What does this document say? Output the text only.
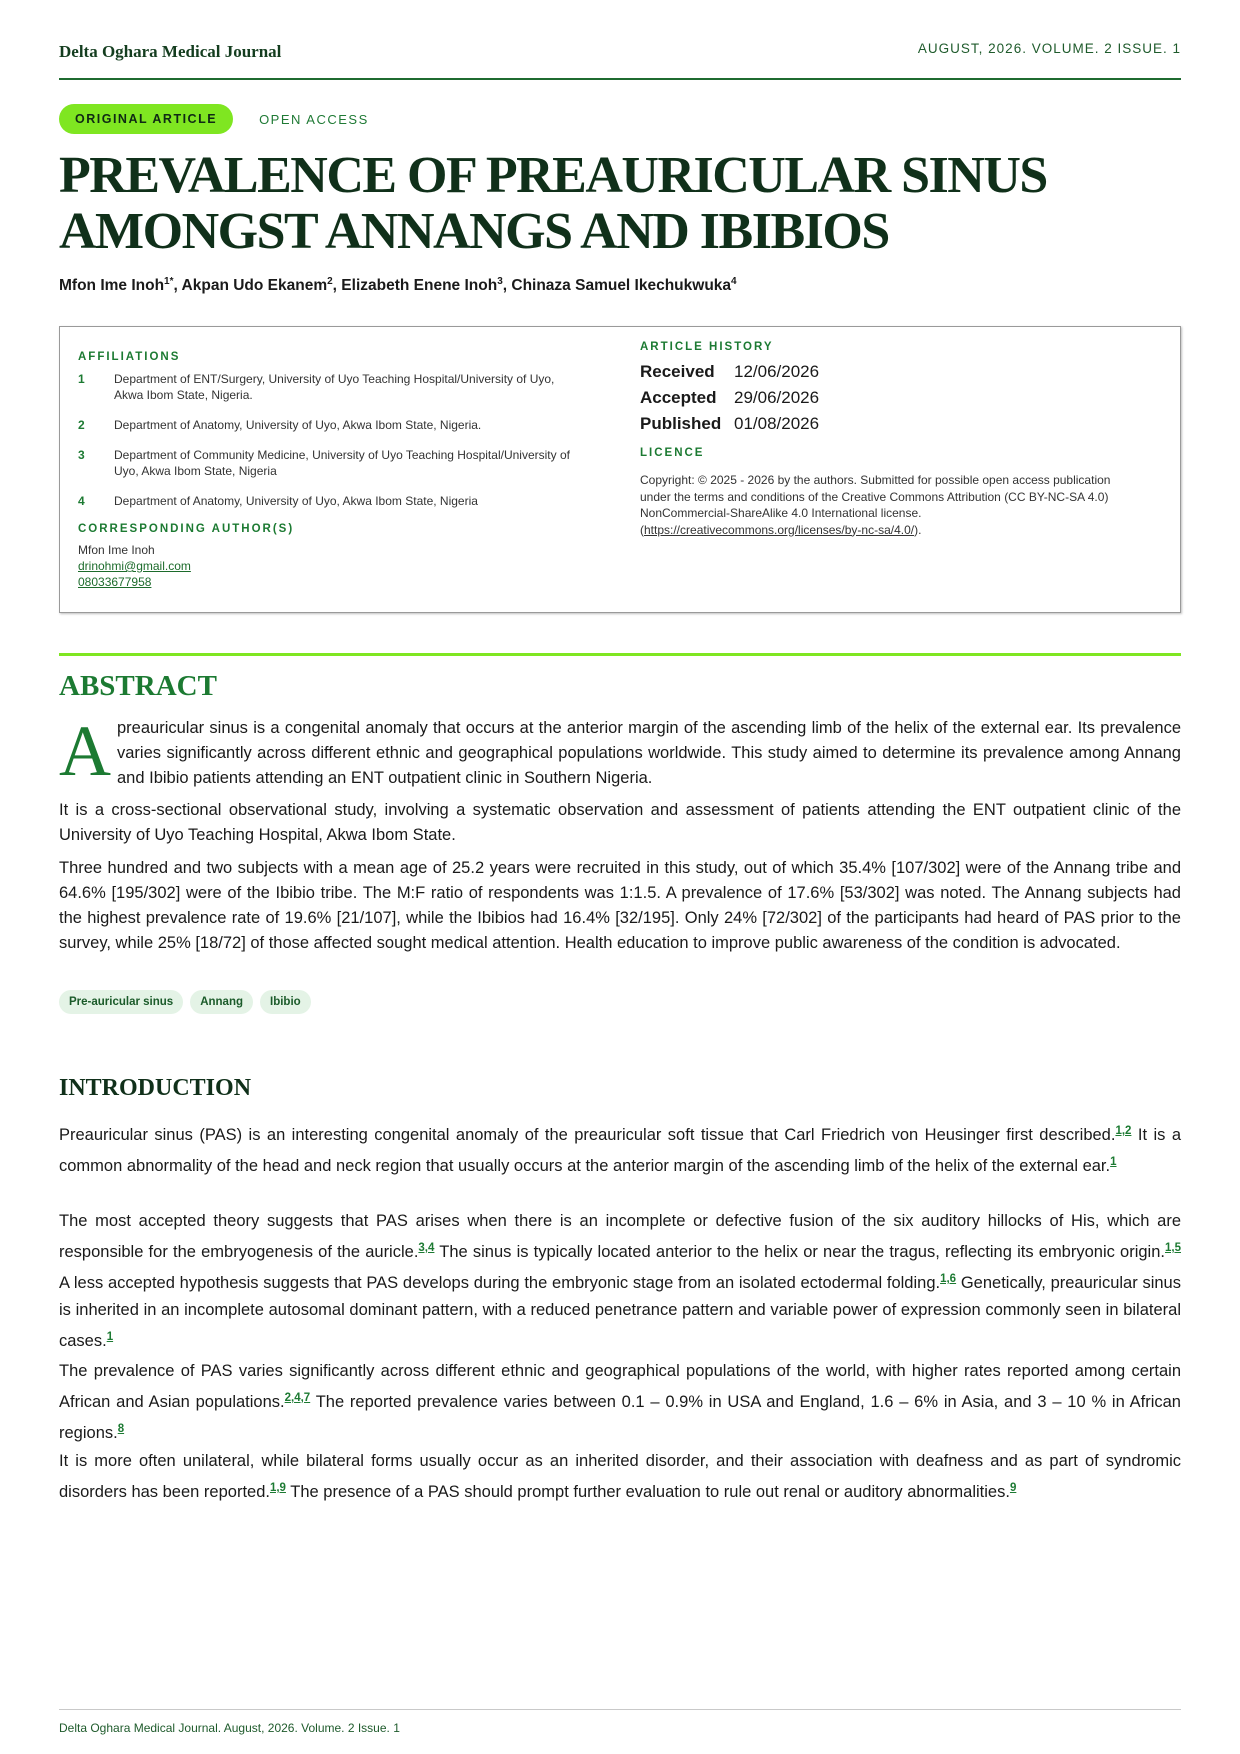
Delta Oghara Medical Journal	AUGUST, 2026. VOLUME. 2 ISSUE. 1
ORIGINAL ARTICLE	OPEN ACCESS
PREVALENCE OF PREAURICULAR SINUS
AMONGST ANNANGS AND IBIBIOS
Mfon Ime Inoh$^{1*}$, Akpan Udo Ekanem$^2$, Elizabeth Enene Inoh$^3$, Chinaza Samuel Ikechukwuka$^4$
AFFILIATIONS
1	Department of ENT/Surgery, University of Uyo Teaching Hospital/University of Uyo,
Akwa Ibom State, Nigeria.
2	Department of Anatomy, University of Uyo, Akwa Ibom State, Nigeria.
3	Department of Community Medicine, University of Uyo Teaching Hospital/University of
Uyo, Akwa Ibom State, Nigeria
4	Department of Anatomy, University of Uyo, Akwa Ibom State, Nigeria
CORRESPONDING AUTHOR(S)
Mfon Ime Inoh
drinohmi@gmail.com
08033677958
ARTICLE HISTORY
Received 12/06/2026
Accepted 29/06/2026
Published 01/08/2026
LICENCE
Copyright: © 2025 - 2026 by the authors. Submitted for possible open access publication
under the terms and conditions of the Creative Commons Attribution (CC BY-NC-SA 4.0)
NonCommercial-ShareAlike 4.0 International license.
(https://creativecommons.org/licenses/by-nc-sa/4.0/).
ABSTRACT
Apreauricular sinus is a congenital anomaly that occurs at the anterior margin of the ascending limb of the helix of the external ear. Its prevalence varies significantly across different ethnic and geographical populations worldwide. This study aimed to determine its prevalence among Annang and Ibibio patients attending an ENT outpatient clinic in Southern Nigeria.

It is a cross-sectional observational study, involving a systematic observation and assessment of patients attending the ENT outpatient clinic of the University of Uyo Teaching Hospital, Akwa Ibom State.

Three hundred and two subjects with a mean age of 25.2 years were recruited in this study, out of which 35.4% [107/302] were of the Annang tribe and 64.6% [195/302] were of the Ibibio tribe. The M:F ratio of respondents was 1:1.5. A prevalence of 17.6% [53/302] was noted. The Annang subjects had the highest prevalence rate of 19.6% [21/107], while the Ibibios had 16.4% [32/195]. Only 24% [72/302] of the participants had heard of PAS prior to the survey, while 25% [18/72] of those affected sought medical attention. Health education to improve public awareness of the condition is advocated.

Pre-auricular sinus	Annang	Ibibio
INTRODUCTION

Preauricular sinus (PAS) is an interesting congenital anomaly of the preauricular soft tissue that Carl Friedrich von Heusinger first described.$^{1,2}$ It is a common abnormality of the head and neck region that usually occurs at the anterior margin of the ascending limb of the helix of the external ear.$^1$

The most accepted theory suggests that PAS arises when there is an incomplete or defective fusion of the six auditory hillocks of His, which are responsible for the embryogenesis of the auricle.$^{3,4}$ The sinus is typically located anterior to the helix or near the tragus, reflecting its embryonic origin.$^{1,5}$ A less accepted hypothesis suggests that PAS develops during the embryonic stage from an isolated ectodermal folding.$^{1,6}$ Genetically, preauricular sinus is inherited in an incomplete autosomal dominant pattern, with a reduced penetrance pattern and variable power of expression commonly seen in bilateral cases.$^1$

The prevalence of PAS varies significantly across different ethnic and geographical populations of the world, with higher rates reported among certain African and Asian populations.$^{2,4,7}$ The reported prevalence varies between 0.1 – 0.9% in USA and England, 1.6 – 6% in Asia, and 3 – 10 % in African regions.$^8$

It is more often unilateral, while bilateral forms usually occur as an inherited disorder, and their association with deafness and as part of syndromic disorders has been reported.$^{1,9}$ The presence of a PAS should prompt further evaluation to rule out renal or auditory abnormalities.$^9$

Delta Oghara Medical Journal. August, 2026. Volume. 2 Issue. 1
